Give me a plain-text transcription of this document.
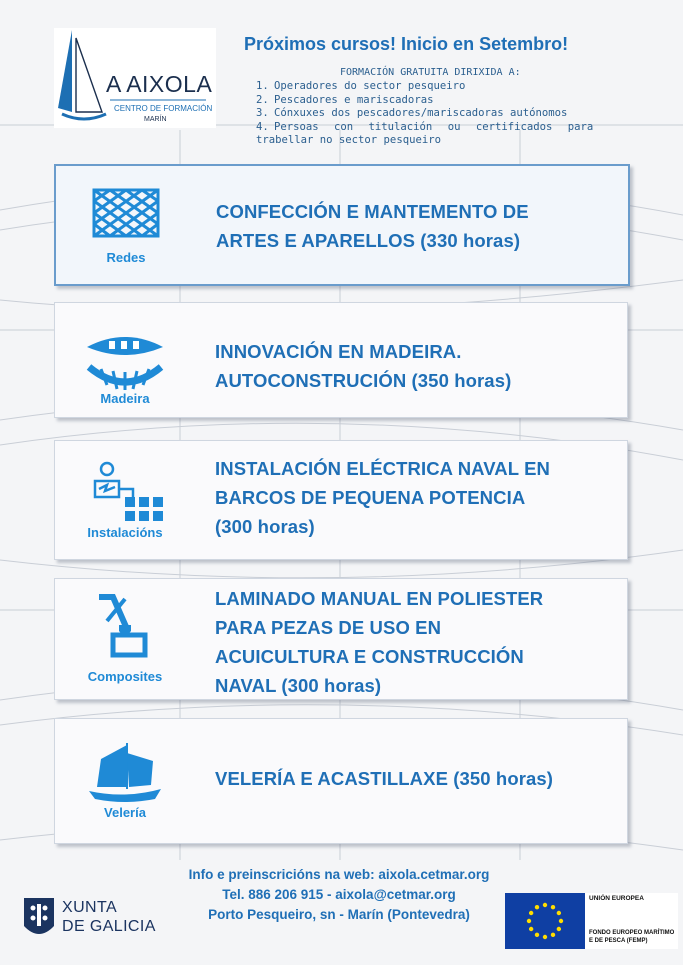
A AIXOLA
CENTRO DE FORMACIÓN
MARÍN
Próximos cursos! Inicio en Setembro!
FORMACIÓN GRATUITA DIRIXIDA A:
1. Operadores do sector pesqueiro
2. Pescadores e mariscadoras
3. Cónxuxes dos pescadores/mariscadoras autónomos
4. Persoas con titulación ou certificados para
trabellar no sector pesqueiro
Redes
CONFECCIÓN E MANTEMENTO DE
ARTES E APARELLOS (330 horas)
Madeira
INNOVACIÓN EN MADEIRA.
AUTOCONSTRUCIÓN (350 horas)
Instalacións
INSTALACIÓN ELÉCTRICA NAVAL EN
BARCOS DE PEQUENA POTENCIA
(300 horas)
Composites
LAMINADO MANUAL EN POLIESTER
PARA PEZAS DE USO EN
ACUICULTURA E CONSTRUCCIÓN
NAVAL (300 horas)
Velería
VELERÍA E ACASTILLAXE (350 horas)
Info e preinscricións na web: aixola.cetmar.org
Tel. 886 206 915 - aixola@cetmar.org
Porto Pesqueiro, sn - Marín (Pontevedra)
XUNTA
DE GALICIA
UNIÓN EUROPEA
FONDO EUROPEO MARÍTIMO E DE PESCA (FEMP)
